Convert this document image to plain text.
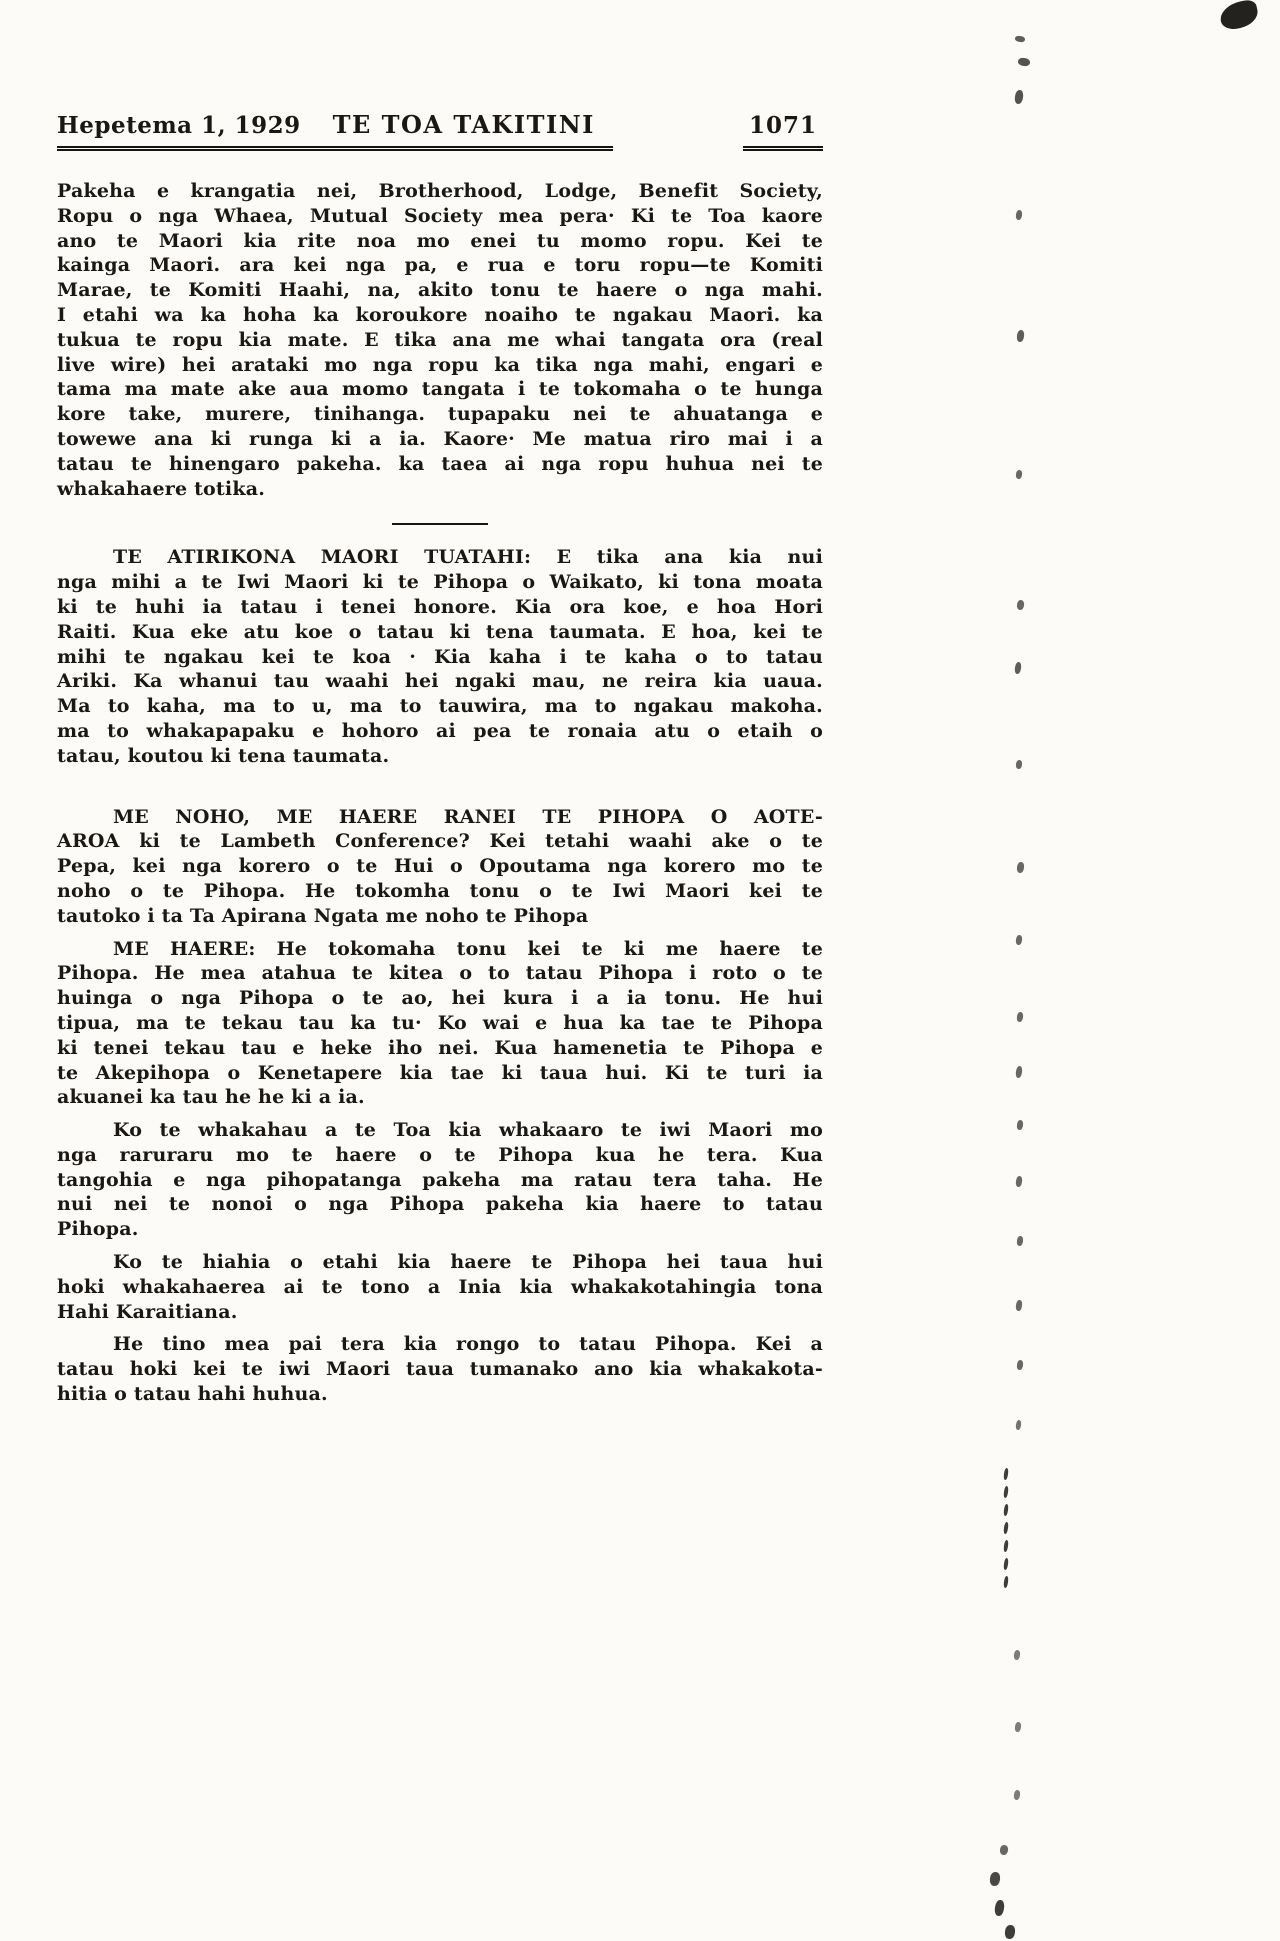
Hepetema 1, 1929 TE TOA TAKITINI	1071
Pakeha e krangatia nei, Brotherhood, Lodge, Benefit Society,
Ropu o nga Whaea, Mutual Society mea pera· Ki te Toa kaore
ano te Maori kia rite noa mo enei tu momo ropu. Kei te
kainga Maori. ara kei nga pa, e rua e toru ropu—te Komiti
Marae, te Komiti Haahi, na, akito tonu te haere o nga mahi.
I etahi wa ka hoha ka koroukore noaiho te ngakau Maori. ka
tukua te ropu kia mate. E tika ana me whai tangata ora (real
live wire) hei arataki mo nga ropu ka tika nga mahi, engari e
tama ma mate ake aua momo tangata i te tokomaha o te hunga
kore take, murere, tinihanga. tupapaku nei te ahuatanga e
towewe ana ki runga ki a ia. Kaore· Me matua riro mai i a
tatau te hinengaro pakeha. ka taea ai nga ropu huhua nei te
whakahaere totika.
TE ATIRIKONA MAORI TUATAHI: E tika ana kia nui
nga mihi a te Iwi Maori ki te Pihopa o Waikato, ki tona moata
ki te huhi ia tatau i tenei honore. Kia ora koe, e hoa Hori
Raiti. Kua eke atu koe o tatau ki tena taumata. E hoa, kei te
mihi te ngakau kei te koa · Kia kaha i te kaha o to tatau
Ariki. Ka whanui tau waahi hei ngaki mau, ne reira kia uaua.
Ma to kaha, ma to u, ma to tauwira, ma to ngakau makoha.
ma to whakapapaku e hohoro ai pea te ronaia atu o etaih o
tatau, koutou ki tena taumata.
ME NOHO, ME HAERE RANEI TE PIHOPA O AOTE-
AROA ki te Lambeth Conference? Kei tetahi waahi ake o te
Pepa, kei nga korero o te Hui o Opoutama nga korero mo te
noho o te Pihopa. He tokomha tonu o te Iwi Maori kei te
tautoko i ta Ta Apirana Ngata me noho te Pihopa
ME HAERE: He tokomaha tonu kei te ki me haere te
Pihopa. He mea atahua te kitea o to tatau Pihopa i roto o te
huinga o nga Pihopa o te ao, hei kura i a ia tonu. He hui
tipua, ma te tekau tau ka tu· Ko wai e hua ka tae te Pihopa
ki tenei tekau tau e heke iho nei. Kua hamenetia te Pihopa e
te Akepihopa o Kenetapere kia tae ki taua hui. Ki te turi ia
akuanei ka tau he he ki a ia.
Ko te whakahau a te Toa kia whakaaro te iwi Maori mo
nga raruraru mo te haere o te Pihopa kua he tera. Kua
tangohia e nga pihopatanga pakeha ma ratau tera taha. He
nui nei te nonoi o nga Pihopa pakeha kia haere to tatau
Pihopa.
Ko te hiahia o etahi kia haere te Pihopa hei taua hui
hoki whakahaerea ai te tono a Inia kia whakakotahingia tona
Hahi Karaitiana.
He tino mea pai tera kia rongo to tatau Pihopa. Kei a
tatau hoki kei te iwi Maori taua tumanako ano kia whakakota-
hitia o tatau hahi huhua.
